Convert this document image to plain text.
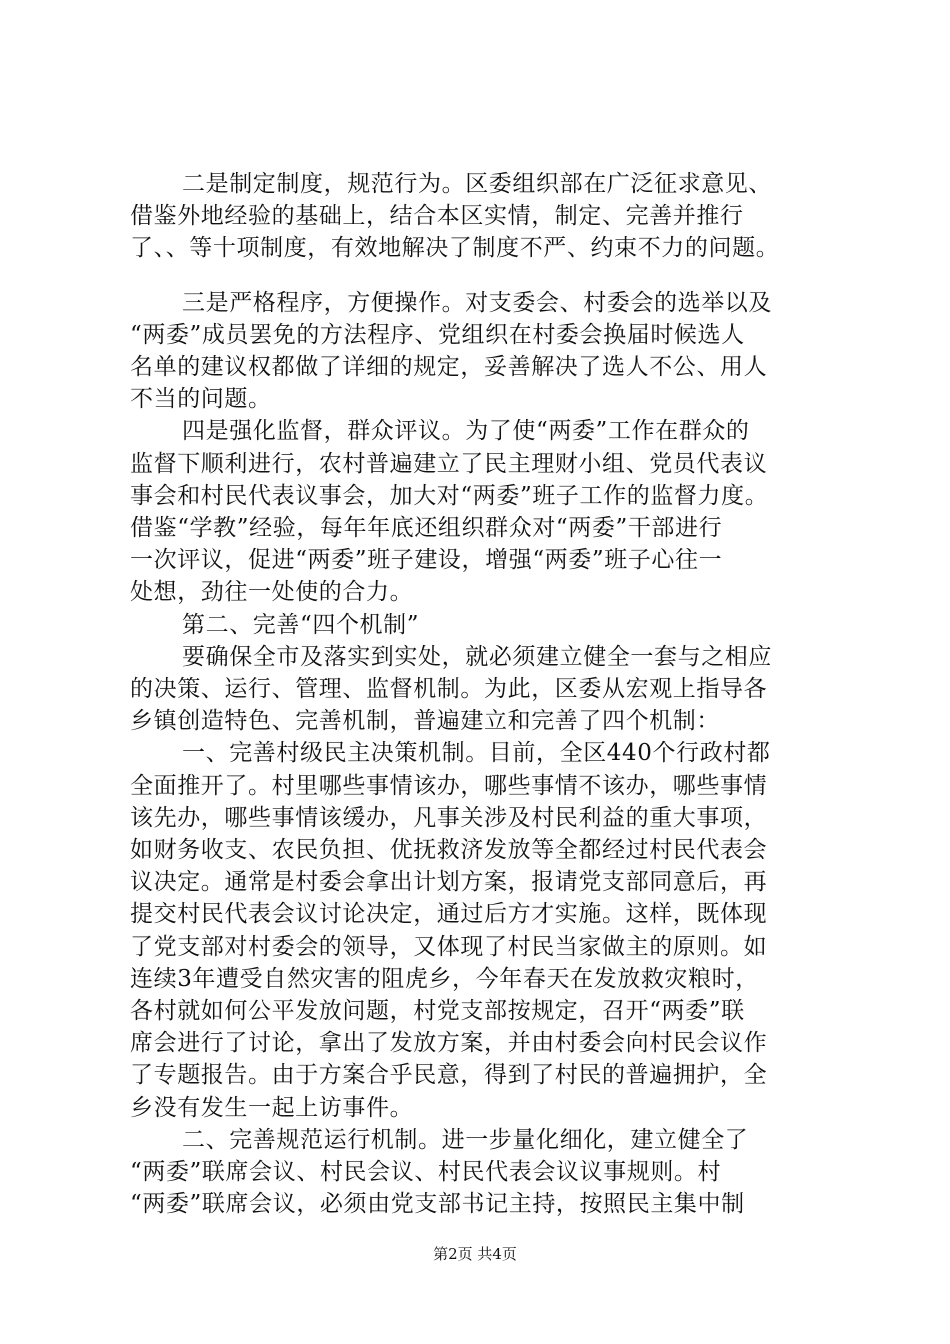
二是制定制度，规范行为。区委组织部在广泛征求意见、
借鉴外地经验的基础上，结合本区实情，制定、完善并推行
了、、等十项制度，有效地解决了制度不严、约束不力的问题。
三是严格程序，方便操作。对支委会、村委会的选举以及
“两委”成员罢免的方法程序、党组织在村委会换届时候选人
名单的建议权都做了详细的规定，妥善解决了选人不公、用人
不当的问题。
四是强化监督，群众评议。为了使“两委”工作在群众的
监督下顺利进行，农村普遍建立了民主理财小组、党员代表议
事会和村民代表议事会，加大对“两委”班子工作的监督力度。
借鉴“学教”经验，每年年底还组织群众对“两委”干部进行
一次评议，促进“两委”班子建设，增强“两委”班子心往一
处想，劲往一处使的合力。
第二、完善“四个机制”
要确保全市及落实到实处，就必须建立健全一套与之相应
的决策、运行、管理、监督机制。为此，区委从宏观上指导各
乡镇创造特色、完善机制，普遍建立和完善了四个机制：
一、完善村级民主决策机制。目前，全区440个行政村都
全面推开了。村里哪些事情该办，哪些事情不该办，哪些事情
该先办，哪些事情该缓办，凡事关涉及村民利益的重大事项，
如财务收支、农民负担、优抚救济发放等全都经过村民代表会
议决定。通常是村委会拿出计划方案，报请党支部同意后，再
提交村民代表会议讨论决定，通过后方才实施。这样，既体现
了党支部对村委会的领导，又体现了村民当家做主的原则。如
连续3年遭受自然灾害的阻虎乡，今年春天在发放救灾粮时，
各村就如何公平发放问题，村党支部按规定，召开“两委”联
席会进行了讨论，拿出了发放方案，并由村委会向村民会议作
了专题报告。由于方案合乎民意，得到了村民的普遍拥护，全
乡没有发生一起上访事件。
二、完善规范运行机制。进一步量化细化，建立健全了
“两委”联席会议、村民会议、村民代表会议议事规则。村
“两委”联席会议，必须由党支部书记主持，按照民主集中制
第2页 共4页
